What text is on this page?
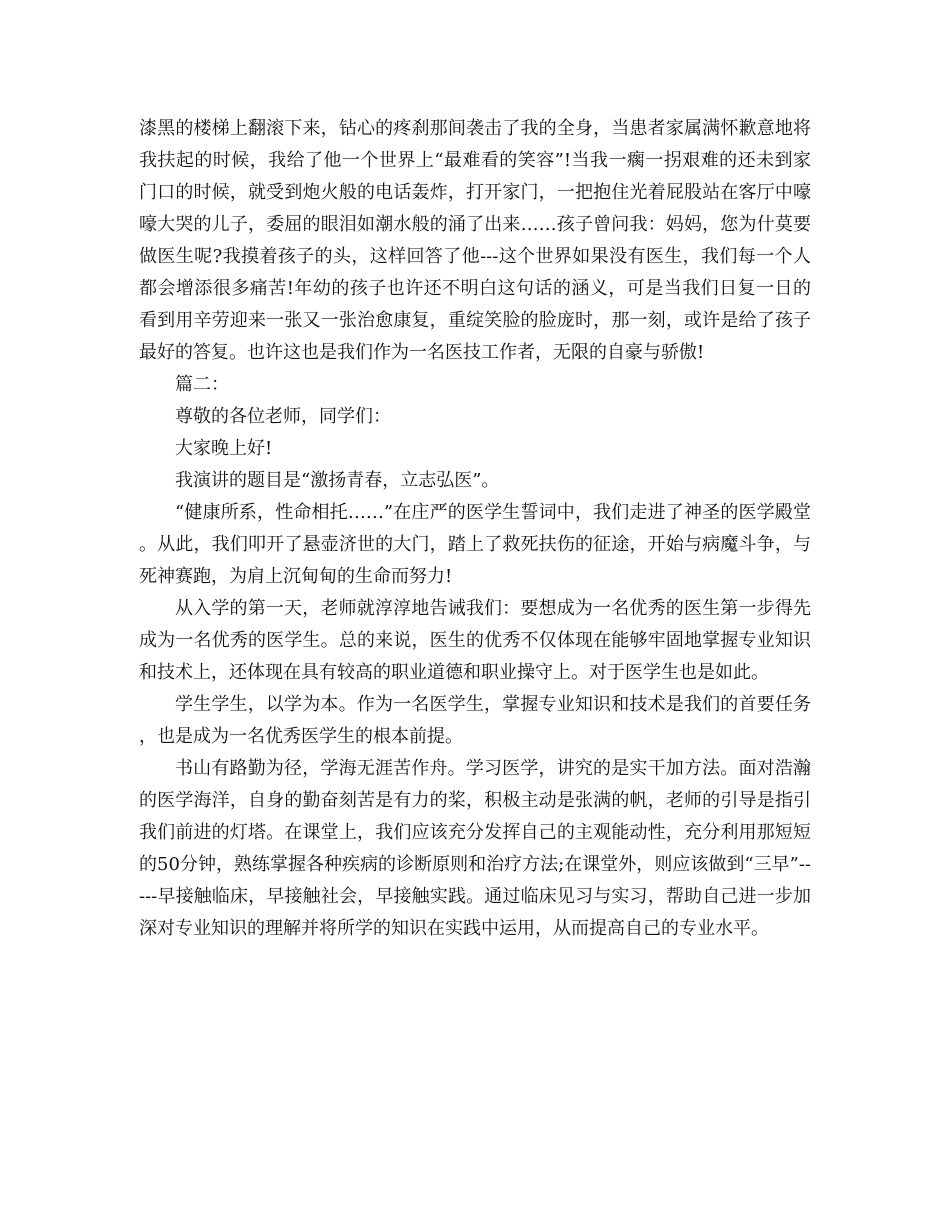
漆黑的楼梯上翻滚下来，钻心的疼刹那间袭击了我的全身，当患者家属满怀歉意地将我扶起的时候，我给了他一个世界上“最难看的笑容”!当我一瘸一拐艰难的还未到家门口的时候，就受到炮火般的电话轰炸，打开家门，一把抱住光着屁股站在客厅中嚎嚎大哭的儿子，委屈的眼泪如潮水般的涌了出来……孩子曾问我：妈妈，您为什莫要做医生呢?我摸着孩子的头，这样回答了他---这个世界如果没有医生，我们每一个人都会增添很多痛苦!年幼的孩子也许还不明白这句话的涵义，可是当我们日复一日的看到用辛劳迎来一张又一张治愈康复，重绽笑脸的脸庞时，那一刻，或许是给了孩子最好的答复。也许这也是我们作为一名医技工作者，无限的自豪与骄傲!

篇二：

尊敬的各位老师，同学们：

大家晚上好!

我演讲的题目是“激扬青春，立志弘医”。

“健康所系，性命相托……”在庄严的医学生誓词中，我们走进了神圣的医学殿堂。从此，我们叩开了悬壶济世的大门，踏上了救死扶伤的征途，开始与病魔斗争，与死神赛跑，为肩上沉甸甸的生命而努力!

从入学的第一天，老师就淳淳地告诫我们：要想成为一名优秀的医生第一步得先成为一名优秀的医学生。总的来说，医生的优秀不仅体现在能够牢固地掌握专业知识和技术上，还体现在具有较高的职业道德和职业操守上。对于医学生也是如此。

学生学生，以学为本。作为一名医学生，掌握专业知识和技术是我们的首要任务，也是成为一名优秀医学生的根本前提。

书山有路勤为径，学海无涯苦作舟。学习医学，讲究的是实干加方法。面对浩瀚的医学海洋，自身的勤奋刻苦是有力的桨，积极主动是张满的帆，老师的引导是指引我们前进的灯塔。在课堂上，我们应该充分发挥自己的主观能动性，充分利用那短短的50分钟，熟练掌握各种疾病的诊断原则和治疗方法;在课堂外，则应该做到“三早”-----早接触临床，早接触社会，早接触实践。通过临床见习与实习，帮助自己进一步加深对专业知识的理解并将所学的知识在实践中运用，从而提高自己的专业水平。
